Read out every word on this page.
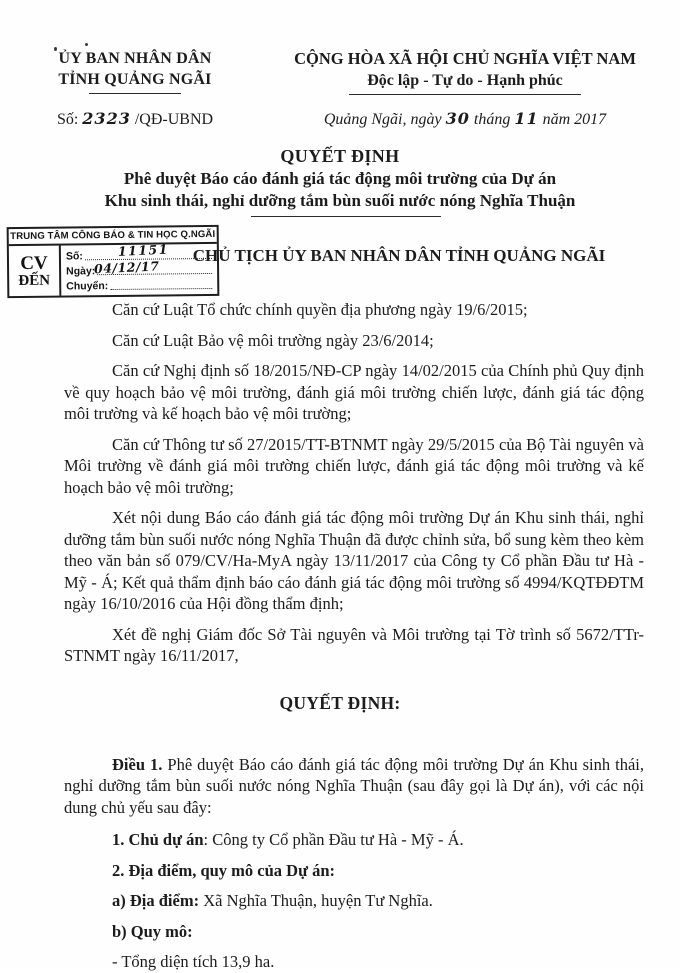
ỦY BAN NHÂN DÂN
TỈNH QUẢNG NGÃI
CỘNG HÒA XÃ HỘI CHỦ NGHĨA VIỆT NAM
Độc lập - Tự do - Hạnh phúc
Số: 2323 /QĐ-UBND	Quảng Ngãi, ngày 30 tháng 11 năm 2017
QUYẾT ĐỊNH
Phê duyệt Báo cáo đánh giá tác động môi trường của Dự án
Khu sinh thái, nghỉ dưỡng tắm bùn suối nước nóng Nghĩa Thuận
TRUNG TÂM CÔNG BÁO & TIN HỌC Q.NGÃI
CV
ĐẾN
Số:	11151
Ngày:
04/12/17
Chuyển:
CHỦ TỊCH ỦY BAN NHÂN DÂN TỈNH QUẢNG NGÃI

Căn cứ Luật Tổ chức chính quyền địa phương ngày 19/6/2015;

Căn cứ Luật Bảo vệ môi trường ngày 23/6/2014;

Căn cứ Nghị định số 18/2015/NĐ-CP ngày 14/02/2015 của Chính phủ Quy định về quy hoạch bảo vệ môi trường, đánh giá môi trường chiến lược, đánh giá tác động môi trường và kế hoạch bảo vệ môi trường;

Căn cứ Thông tư số 27/2015/TT-BTNMT ngày 29/5/2015 của Bộ Tài nguyên và Môi trường về đánh giá môi trường chiến lược, đánh giá tác động môi trường và kế hoạch bảo vệ môi trường;

Xét nội dung Báo cáo đánh giá tác động môi trường Dự án Khu sinh thái, nghỉ dưỡng tắm bùn suối nước nóng Nghĩa Thuận đã được chỉnh sửa, bổ sung kèm theo kèm theo văn bản số 079/CV/Ha-MyA ngày 13/11/2017 của Công ty Cổ phần Đầu tư Hà - Mỹ - Á; Kết quả thẩm định báo cáo đánh giá tác động môi trường số 4994/KQTĐĐTM ngày 16/10/2016 của Hội đồng thẩm định;

Xét đề nghị Giám đốc Sở Tài nguyên và Môi trường tại Tờ trình số 5672/TTr-STNMT ngày 16/11/2017,

QUYẾT ĐỊNH:

Điều 1. Phê duyệt Báo cáo đánh giá tác động môi trường Dự án Khu sinh thái, nghỉ dưỡng tắm bùn suối nước nóng Nghĩa Thuận (sau đây gọi là Dự án), với các nội dung chủ yếu sau đây:

1. Chủ dự án: Công ty Cổ phần Đầu tư Hà - Mỹ - Á.

2. Địa điểm, quy mô của Dự án:

a) Địa điểm: Xã Nghĩa Thuận, huyện Tư Nghĩa.

b) Quy mô:

- Tổng diện tích 13,9 ha.
